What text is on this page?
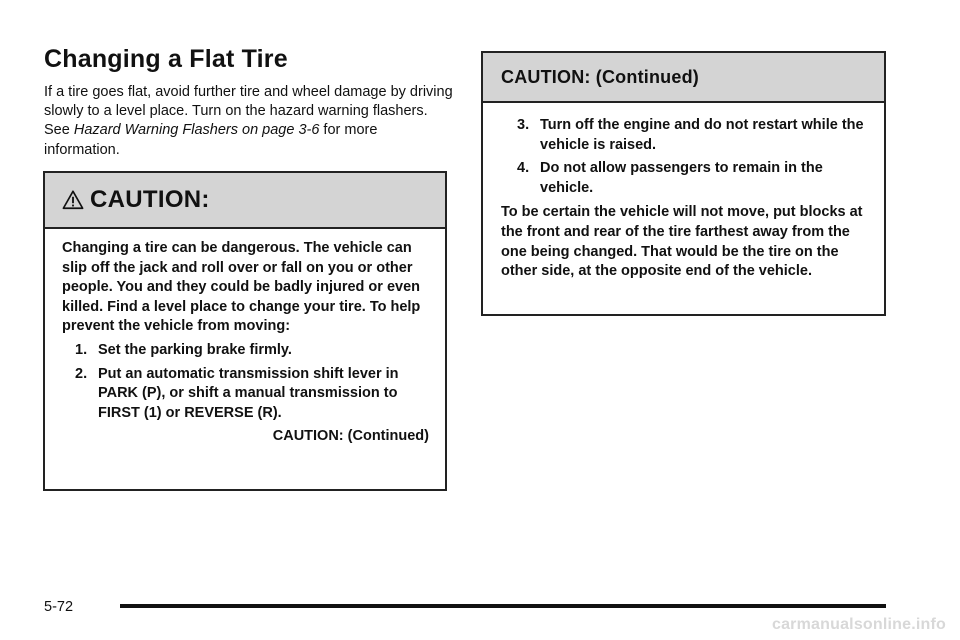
Changing a Flat Tire

If a tire goes flat, avoid further tire and wheel damage by driving slowly to a level place. Turn on the hazard warning flashers. See Hazard Warning Flashers on page 3-6 for more information.

CAUTION:

Changing a tire can be dangerous. The vehicle can slip off the jack and roll over or fall on you or other people. You and they could be badly injured or even killed. Find a level place to change your tire. To help prevent the vehicle from moving:

1. Set the parking brake firmly.
2. Put an automatic transmission shift lever in PARK (P), or shift a manual transmission to FIRST (1) or REVERSE (R).
CAUTION: (Continued)
CAUTION: (Continued)
3. Turn off the engine and do not restart while the vehicle is raised.
4. Do not allow passengers to remain in the vehicle.

To be certain the vehicle will not move, put blocks at the front and rear of the tire farthest away from the one being changed. That would be the tire on the other side, at the opposite end of the vehicle.

5-72
carmanualsonline.info
